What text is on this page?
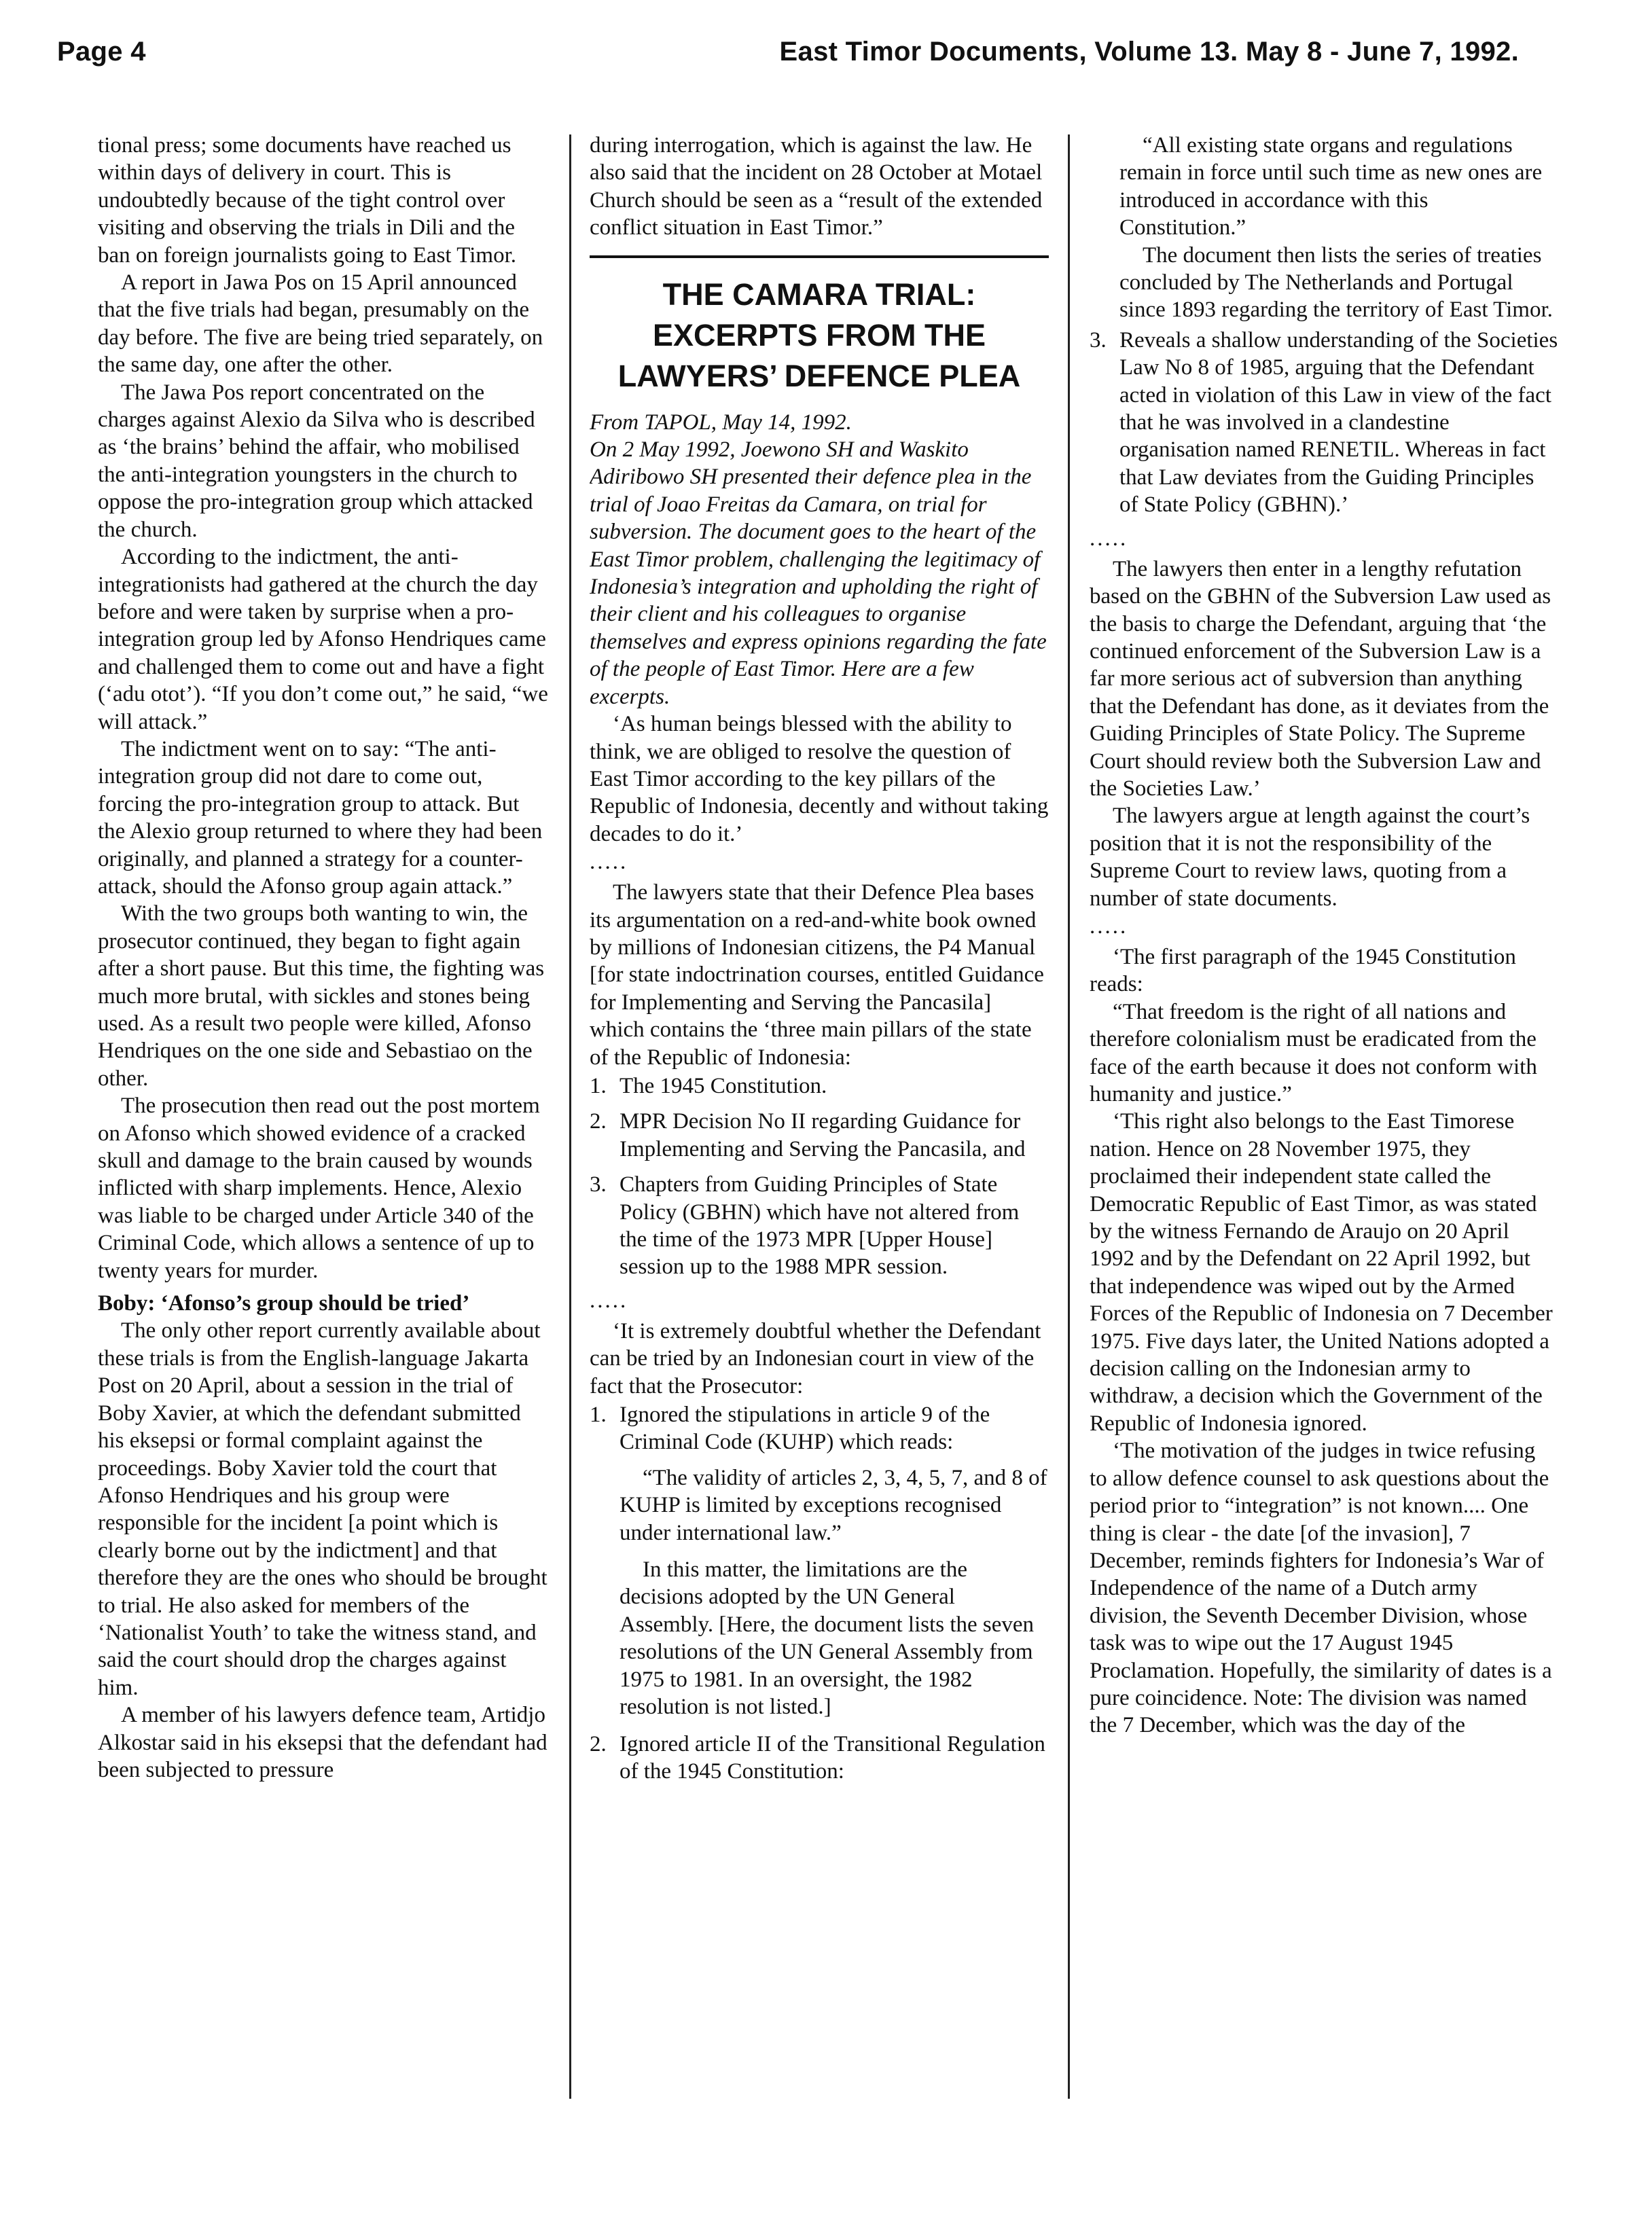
Page 4	East Timor Documents, Volume 13. May 8 - June 7, 1992.

tional press; some documents have reached us within days of delivery in court. This is undoubtedly because of the tight control over visiting and observing the trials in Dili and the ban on foreign journalists going to East Timor.

A report in Jawa Pos on 15 April announced that the five trials had began, presumably on the day before. The five are being tried separately, on the same day, one after the other.

The Jawa Pos report concentrated on the charges against Alexio da Silva who is described as ‘the brains’ behind the affair, who mobilised the anti-integration youngsters in the church to oppose the pro-integration group which attacked the church.

According to the indictment, the anti-integrationists had gathered at the church the day before and were taken by surprise when a pro-integration group led by Afonso Hendriques came and challenged them to come out and have a fight (‘adu otot’). “If you don’t come out,” he said, “we will attack.”

The indictment went on to say: “The anti-integration group did not dare to come out, forcing the pro-integration group to attack. But the Alexio group returned to where they had been originally, and planned a strategy for a counter-attack, should the Afonso group again attack.”

With the two groups both wanting to win, the prosecutor continued, they began to fight again after a short pause. But this time, the fighting was much more brutal, with sickles and stones being used. As a result two people were killed, Afonso Hendriques on the one side and Sebastiao on the other.

The prosecution then read out the post mortem on Afonso which showed evidence of a cracked skull and damage to the brain caused by wounds inflicted with sharp implements. Hence, Alexio was liable to be charged under Article 340 of the Criminal Code, which allows a sentence of up to twenty years for murder.

Boby: ‘Afonso’s group should be tried’

The only other report currently available about these trials is from the English-language Jakarta Post on 20 April, about a session in the trial of Boby Xavier, at which the defendant submitted his eksepsi or formal complaint against the proceedings. Boby Xavier told the court that Afonso Hendriques and his group were responsible for the incident [a point which is clearly borne out by the indictment] and that therefore they are the ones who should be brought to trial. He also asked for members of the ‘Nationalist Youth’ to take the witness stand, and said the court should drop the charges against him.

A member of his lawyers defence team, Artidjo Alkostar said in his eksepsi that the defendant had been subjected to pressure

during interrogation, which is against the law. He also said that the incident on 28 October at Motael Church should be seen as a “result of the extended conflict situation in East Timor.”

THE CAMARA TRIAL:
EXCERPTS FROM THE
LAWYERS’ DEFENCE PLEA

From TAPOL, May 14, 1992.

On 2 May 1992, Joewono SH and Waskito Adiribowo SH presented their defence plea in the trial of Joao Freitas da Camara, on trial for subversion. The document goes to the heart of the East Timor problem, challenging the legitimacy of Indonesia’s integration and upholding the right of their client and his colleagues to organise themselves and express opinions regarding the fate of the people of East Timor. Here are a few excerpts.

‘As human beings blessed with the ability to think, we are obliged to resolve the question of East Timor according to the key pillars of the Republic of Indonesia, decently and without taking decades to do it.’

.....

The lawyers state that their Defence Plea bases its argumentation on a red-and-white book owned by millions of Indonesian citizens, the P4 Manual [for state indoctrination courses, entitled Guidance for Implementing and Serving the Pancasila] which contains the ‘three main pillars of the state of the Republic of Indonesia:

1. The 1945 Constitution.
2. MPR Decision No II regarding Guidance for Implementing and Serving the Pancasila, and
3. Chapters from Guiding Principles of State Policy (GBHN) which have not altered from the time of the 1973 MPR [Upper House] session up to the 1988 MPR session.
.....

‘It is extremely doubtful whether the Defendant can be tried by an Indonesian court in view of the fact that the Prosecutor:

1. Ignored the stipulations in article 9 of the Criminal Code (KUHP) which reads:

“The validity of articles 2, 3, 4, 5, 7, and 8 of KUHP is limited by exceptions recognised under international law.”

In this matter, the limitations are the decisions adopted by the UN General Assembly. [Here, the document lists the seven resolutions of the UN General Assembly from 1975 to 1981. In an oversight, the 1982 resolution is not listed.]

2. Ignored article II of the Transitional Regulation of the 1945 Constitution:

“All existing state organs and regulations remain in force until such time as new ones are introduced in accordance with this Constitution.”

The document then lists the series of treaties concluded by The Netherlands and Portugal since 1893 regarding the territory of East Timor.

3. Reveals a shallow understanding of the Societies Law No 8 of 1985, arguing that the Defendant acted in violation of this Law in view of the fact that he was involved in a clandestine organisation named RENETIL. Whereas in fact that Law deviates from the Guiding Principles of State Policy (GBHN).’
.....

The lawyers then enter in a lengthy refutation based on the GBHN of the Subversion Law used as the basis to charge the Defendant, arguing that ‘the continued enforcement of the Subversion Law is a far more serious act of subversion than anything that the Defendant has done, as it deviates from the Guiding Principles of State Policy. The Supreme Court should review both the Subversion Law and the Societies Law.’

The lawyers argue at length against the court’s position that it is not the responsibility of the Supreme Court to review laws, quoting from a number of state documents.

.....

‘The first paragraph of the 1945 Constitution reads:

“That freedom is the right of all nations and therefore colonialism must be eradicated from the face of the earth because it does not conform with humanity and justice.”

‘This right also belongs to the East Timorese nation. Hence on 28 November 1975, they proclaimed their independent state called the Democratic Republic of East Timor, as was stated by the witness Fernando de Araujo on 20 April 1992 and by the Defendant on 22 April 1992, but that independence was wiped out by the Armed Forces of the Republic of Indonesia on 7 December 1975. Five days later, the United Nations adopted a decision calling on the Indonesian army to withdraw, a decision which the Government of the Republic of Indonesia ignored.

‘The motivation of the judges in twice refusing to allow defence counsel to ask questions about the period prior to “integration” is not known.... One thing is clear - the date [of the invasion], 7 December, reminds fighters for Indonesia’s War of Independence of the name of a Dutch army division, the Seventh December Division, whose task was to wipe out the 17 August 1945 Proclamation. Hopefully, the similarity of dates is a pure coincidence. Note: The division was named the 7 December, which was the day of the
